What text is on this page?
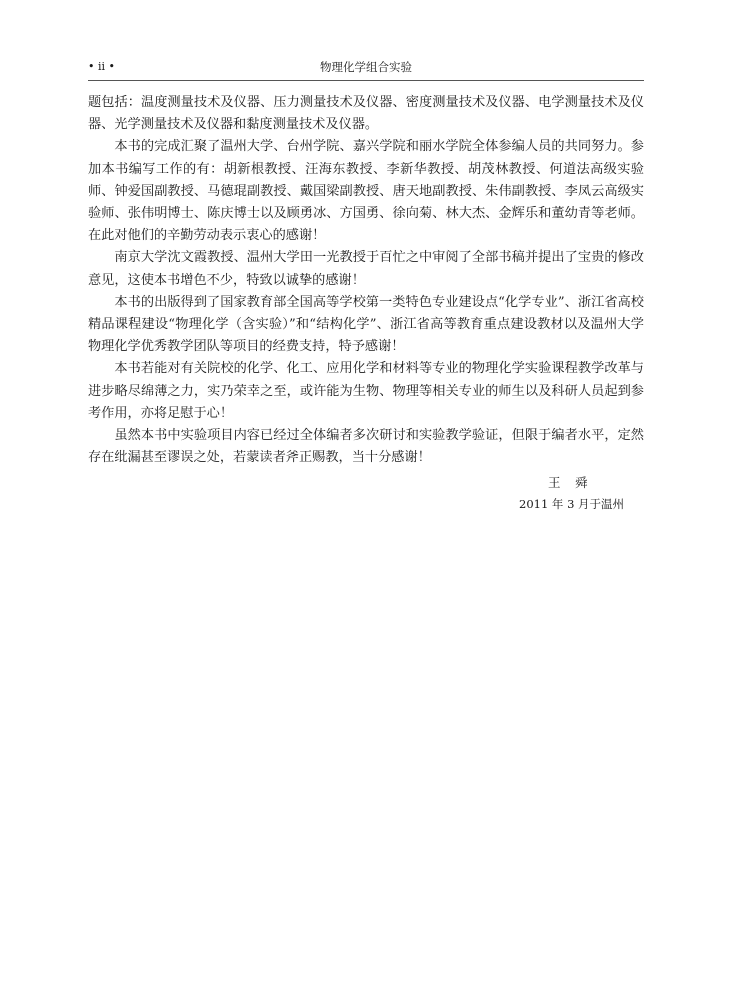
• ii •	物理化学组合实验

题包括：温度测量技术及仪器、压力测量技术及仪器、密度测量技术及仪器、电学测量技术及仪器、光学测量技术及仪器和黏度测量技术及仪器。

本书的完成汇聚了温州大学、台州学院、嘉兴学院和丽水学院全体参编人员的共同努力。参加本书编写工作的有：胡新根教授、汪海东教授、李新华教授、胡茂林教授、何道法高级实验师、钟爱国副教授、马德琨副教授、戴国梁副教授、唐天地副教授、朱伟副教授、李凤云高级实验师、张伟明博士、陈庆博士以及顾勇冰、方国勇、徐向菊、林大杰、金辉乐和董幼青等老师。在此对他们的辛勤劳动表示衷心的感谢！

南京大学沈文霞教授、温州大学田一光教授于百忙之中审阅了全部书稿并提出了宝贵的修改意见，这使本书增色不少，特致以诚挚的感谢！

本书的出版得到了国家教育部全国高等学校第一类特色专业建设点“化学专业”、浙江省高校精品课程建设“物理化学（含实验）”和“结构化学”、浙江省高等教育重点建设教材以及温州大学物理化学优秀教学团队等项目的经费支持，特予感谢！

本书若能对有关院校的化学、化工、应用化学和材料等专业的物理化学实验课程教学改革与进步略尽绵薄之力，实乃荣幸之至，或许能为生物、物理等相关专业的师生以及科研人员起到参考作用，亦将足慰于心！

虽然本书中实验项目内容已经过全体编者多次研讨和实验教学验证，但限于编者水平，定然存在纰漏甚至谬误之处，若蒙读者斧正赐教，当十分感谢！

王　舜
2011 年 3 月于温州
